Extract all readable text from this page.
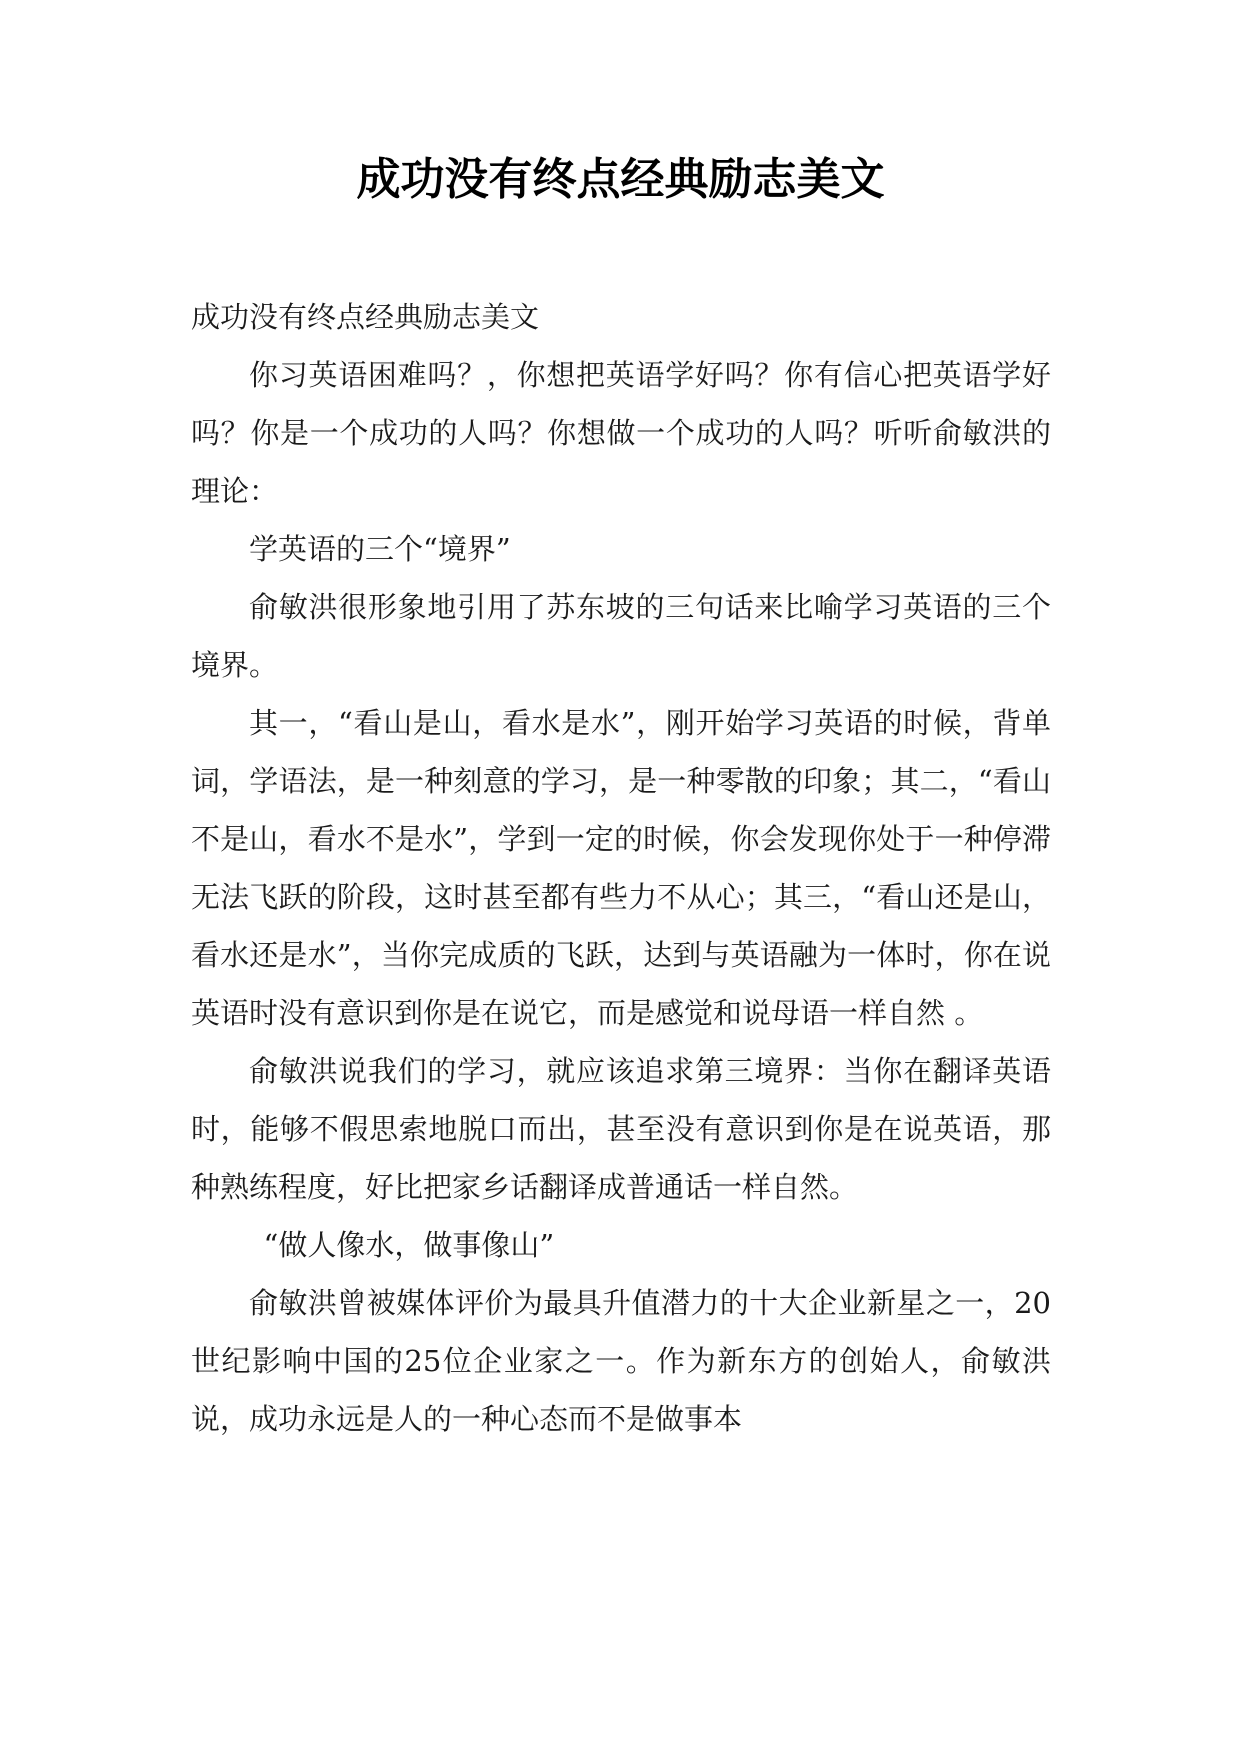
成功没有终点经典励志美文

成功没有终点经典励志美文

你习英语困难吗？，你想把英语学好吗？你有信心把英语学好吗？你是一个成功的人吗？你想做一个成功的人吗？听听俞敏洪的理论：

学英语的三个“境界”

俞敏洪很形象地引用了苏东坡的三句话来比喻学习英语的三个境界。

其一，“看山是山，看水是水”，刚开始学习英语的时候，背单词，学语法，是一种刻意的学习，是一种零散的印象；其二，“看山不是山，看水不是水”，学到一定的时候，你会发现你处于一种停滞无法飞跃的阶段，这时甚至都有些力不从心；其三，“看山还是山，看水还是水”，当你完成质的飞跃，达到与英语融为一体时，你在说英语时没有意识到你是在说它，而是感觉和说母语一样自然 。

俞敏洪说我们的学习，就应该追求第三境界：当你在翻译英语时，能够不假思索地脱口而出，甚至没有意识到你是在说英语，那种熟练程度，好比把家乡话翻译成普通话一样自然。

“做人像水，做事像山”

俞敏洪曾被媒体评价为最具升值潜力的十大企业新星之一，20世纪影响中国的25位企业家之一。作为新东方的创始人，俞敏洪说，成功永远是人的一种心态而不是做事本
